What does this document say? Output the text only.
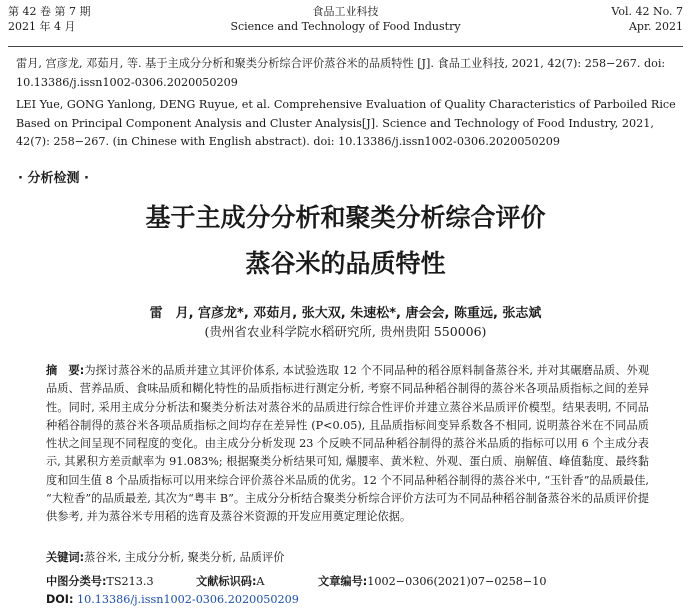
第 42 卷 第 7 期
2021 年 4 月
食品工业科技
Science and Technology of Food Industry
Vol. 42 No. 7
Apr. 2021
雷月, 宫彦龙, 邓茹月, 等. 基于主成分分析和聚类分析综合评价蒸谷米的品质特性 [J]. 食品工业科技, 2021, 42(7): 258−267. doi: 10.13386/j.issn1002-0306.2020050209
LEI Yue, GONG Yanlong, DENG Ruyue, et al. Comprehensive Evaluation of Quality Characteristics of Parboiled Rice Based on Principal Component Analysis and Cluster Analysis[J]. Science and Technology of Food Industry, 2021, 42(7): 258−267. (in Chinese with English abstract). doi: 10.13386/j.issn1002-0306.2020050209
· 分析检测 ·
基于主成分分析和聚类分析综合评价
蒸谷米的品质特性
雷　月, 宫彦龙*, 邓茹月, 张大双, 朱速松*, 唐会会, 陈重远, 张志斌
(贵州省农业科学院水稻研究所, 贵州贵阳 550006)
摘　要:为探讨蒸谷米的品质并建立其评价体系, 本试验选取 12 个不同品种的稻谷原料制备蒸谷米, 并对其碾磨品质、外观品质、营养品质、食味品质和糊化特性的品质指标进行测定分析, 考察不同品种稻谷制得的蒸谷米各项品质指标之间的差异性。同时, 采用主成分分析法和聚类分析法对蒸谷米的品质进行综合性评价并建立蒸谷米品质评价模型。结果表明, 不同品种稻谷制得的蒸谷米各项品质指标之间均存在差异性 (P<0.05), 且品质指标间变异系数各不相同, 说明蒸谷米在不同品质性状之间呈现不同程度的变化。由主成分分析发现 23 个反映不同品种稻谷制得的蒸谷米品质的指标可以用 6 个主成分表示, 其累积方差贡献率为 91.083%; 根据聚类分析结果可知, 爆腰率、黄米粒、外观、蛋白质、崩解值、峰值黏度、最终黏度和回生值 8 个品质指标可以用来综合评价蒸谷米品质的优劣。12 个不同品种稻谷制得的蒸谷米中, “玉针香”的品质最佳, “大粒香”的品质最差, 其次为“粤丰 B”。主成分分析结合聚类分析综合评价方法可为不同品种稻谷制备蒸谷米的品质评价提供参考, 并为蒸谷米专用稻的选育及蒸谷米资源的开发应用奠定理论依据。
关键词:蒸谷米, 主成分分析, 聚类分析, 品质评价
中图分类号:TS213.3	文献标识码:A	文章编号:1002−0306(2021)07−0258−10
DOI: 10.13386/j.issn1002-0306.2020050209
